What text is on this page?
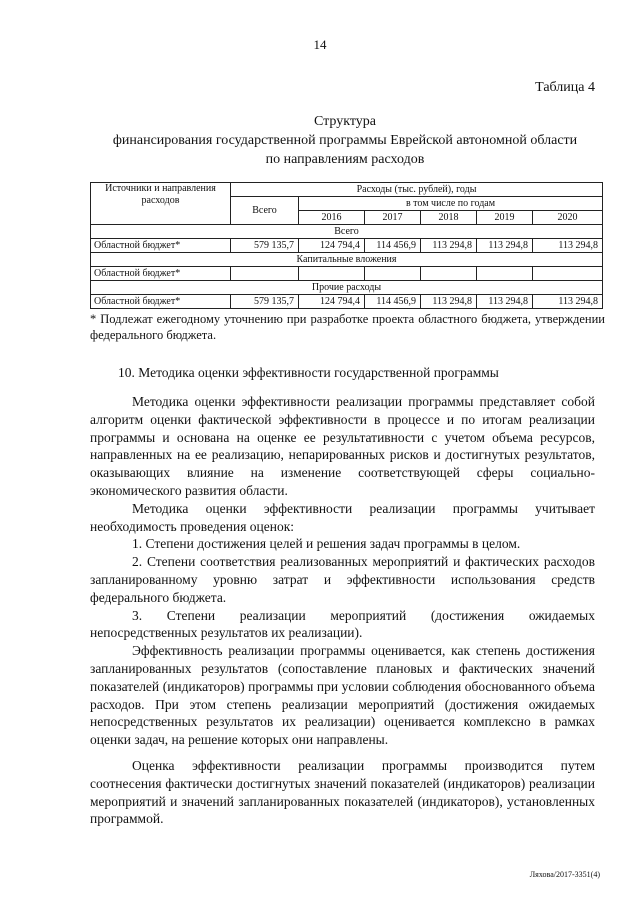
14
Таблица 4
Структура
финансирования государственной программы Еврейской автономной области
по направлениям расходов
Источники и направления расходов	Расходы (тыс. рублей), годы					
	Всего	в том числе по годам				
		2016	2017	2018	2019	2020
Всего						
Областной бюджет*	579 135,7	124 794,4	114 456,9	113 294,8	113 294,8	113 294,8
Капитальные вложения						
Областной бюджет*						
Прочие расходы						
Областной бюджет*	579 135,7	124 794,4	114 456,9	113 294,8	113 294,8	113 294,8
* Подлежат ежегодному уточнению при разработке проекта областного бюджета, утверждении федерального бюджета.
10. Методика оценки эффективности государственной программы

Методика оценки эффективности реализации программы представляет собой алгоритм оценки фактической эффективности в процессе и по итогам реализации программы и основана на оценке ее результативности с учетом объема ресурсов, направленных на ее реализацию, непарированных рисков и достигнутых результатов, оказывающих влияние на изменение соответствующей сферы социально-экономического развития области.

Методика оценки эффективности реализации программы учитывает необходимость проведения оценок:

1. Степени достижения целей и решения задач программы в целом.

2. Степени соответствия реализованных мероприятий и фактических расходов запланированному уровню затрат и эффективности использования средств федерального бюджета.

3. Степени реализации мероприятий (достижения ожидаемых непосредственных результатов их реализации).

Эффективность реализации программы оценивается, как степень достижения запланированных результатов (сопоставление плановых и фактических значений показателей (индикаторов) программы при условии соблюдения обоснованного объема расходов. При этом степень реализации мероприятий (достижения ожидаемых непосредственных результатов их реализации) оценивается комплексно в рамках оценки задач, на решение которых они направлены.

Оценка эффективности реализации программы производится путем соотнесения фактически достигнутых значений показателей (индикаторов) реализации мероприятий и значений запланированных показателей (индикаторов), установленных программой.

Ляхова/2017-3351(4)
